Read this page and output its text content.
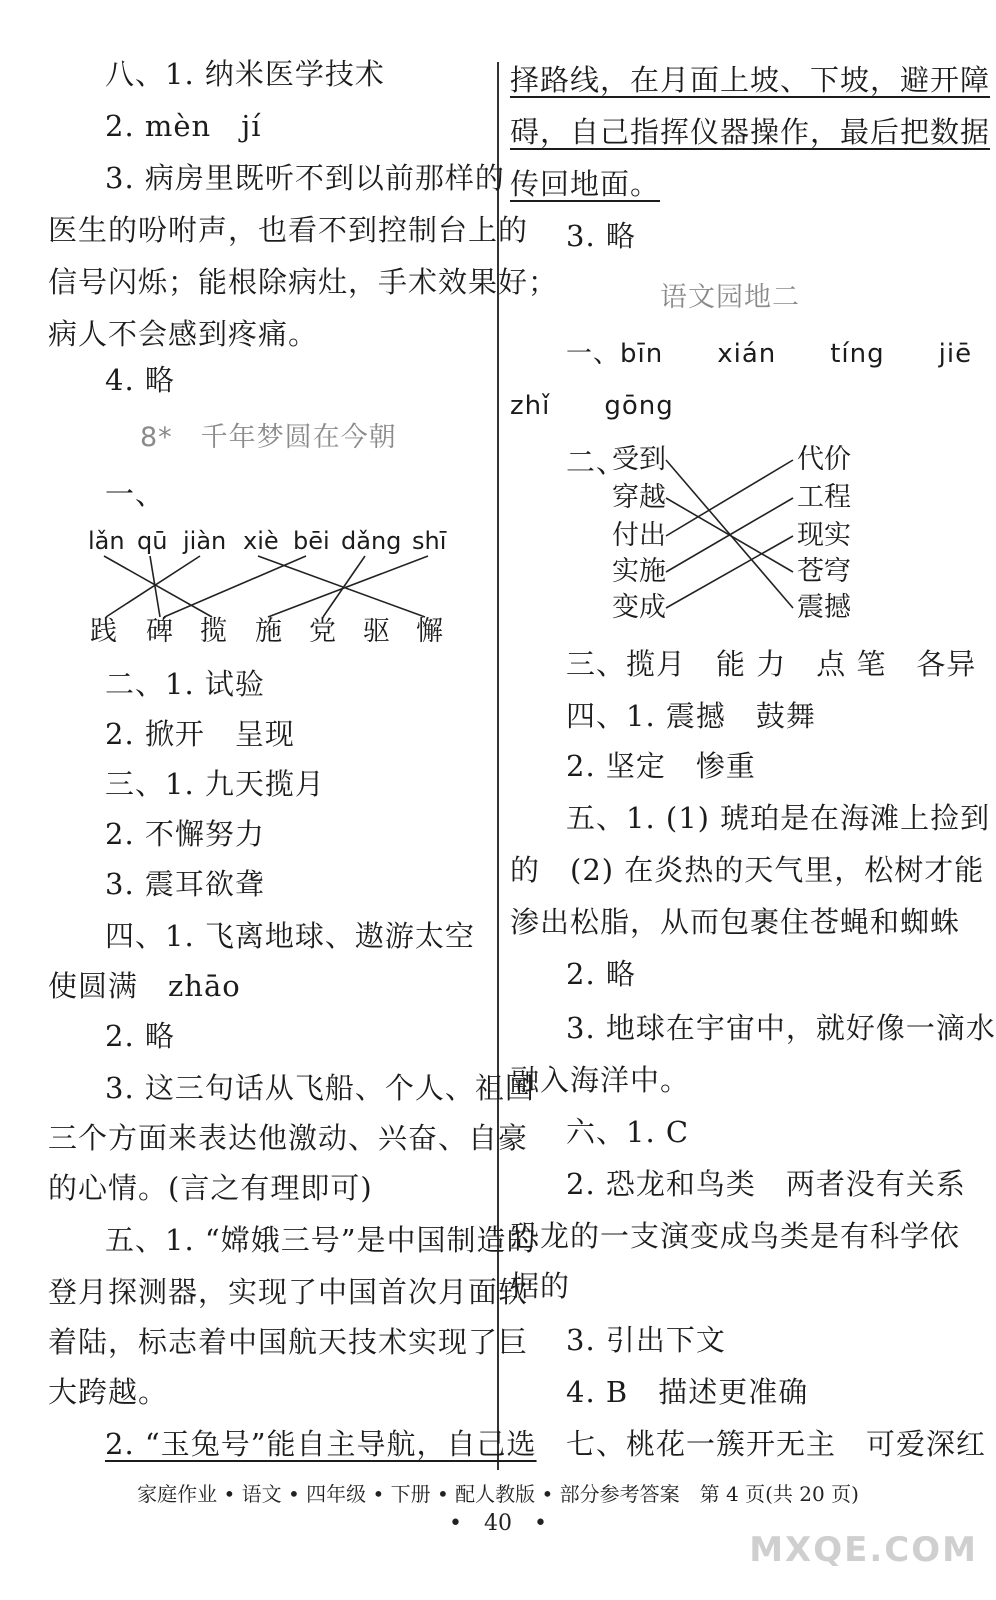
八、1. 纳米医学技术
2. mèn　jí
3. 病房里既听不到以前那样的
医生的吩咐声，也看不到控制台上的
信号闪烁；能根除病灶，手术效果好；
病人不会感到疼痛。
4. 略
8*　千年梦圆在今朝
一、
lǎn qū jiàn xiè bēi dǎng shī
践 碑 揽 施 党 驱 懈
二、1. 试验
2. 掀开　呈现
三、1. 九天揽月
2. 不懈努力
3. 震耳欲聋
四、1. 飞离地球、遨游太空
使圆满　zhāo
2. 略
3. 这三句话从飞船、个人、祖国
三个方面来表达他激动、兴奋、自豪
的心情。(言之有理即可)
五、1. “嫦娥三号”是中国制造的
登月探测器，实现了中国首次月面软
着陆，标志着中国航天技术实现了巨
大跨越。
2. “玉兔号”能自主导航，自己选
择路线，在月面上坡、下坡，避开障
碍，自己指挥仪器操作，最后把数据
传回地面。
3. 略
语文园地二
一、bīn　　xián　　tíng　　jiē
zhǐ　　gōng
二、
受到
穿越
付出
实施
变成
代价
工程
现实
苍穹
震撼
三、揽月　能 力　点 笔　各异
四、1. 震撼　鼓舞
2. 坚定　惨重
五、1. (1) 琥珀是在海滩上捡到
的　(2) 在炎热的天气里，松树才能
渗出松脂，从而包裹住苍蝇和蜘蛛
2. 略
3. 地球在宇宙中，就好像一滴水
融入海洋中。
六、1. C
2. 恐龙和鸟类　两者没有关系
恐龙的一支演变成鸟类是有科学依
据的
3. 引出下文
4. B　描述更准确
七、桃花一簇开无主　可爱深红
家庭作业 • 语文 • 四年级 • 下册 • 配人教版 • 部分参考答案　第 4 页(共 20 页)
•　40　•
MXQE.COM
